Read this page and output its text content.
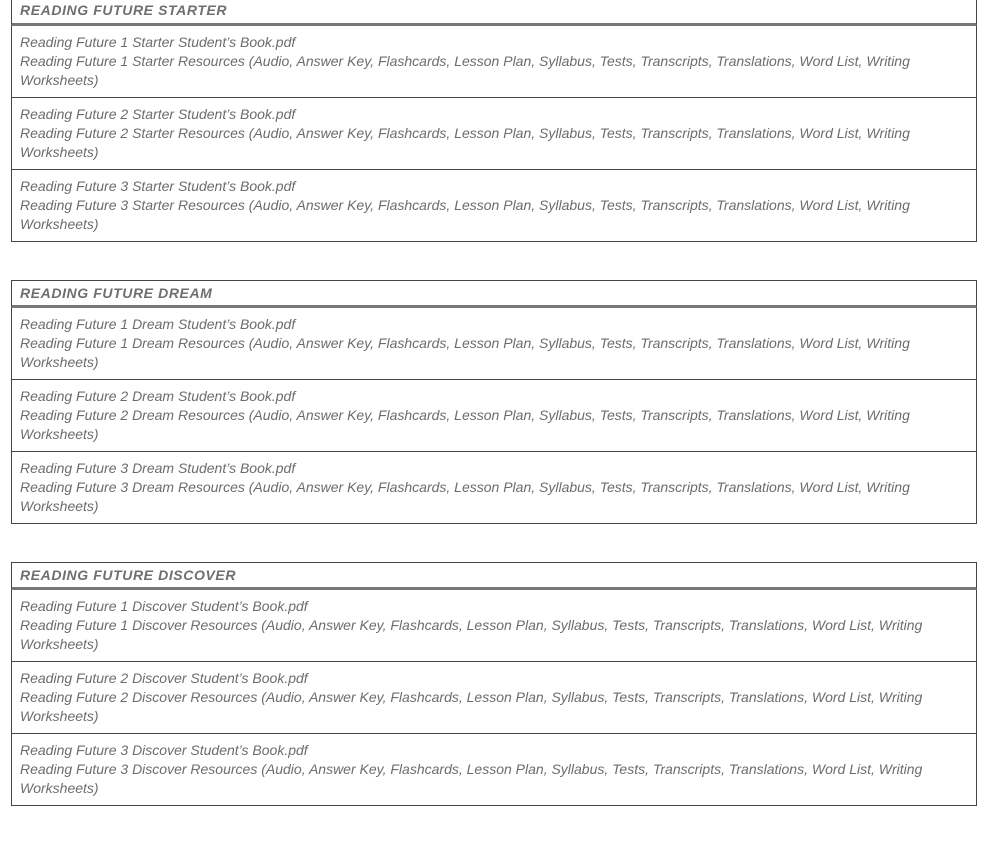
READING FUTURE STARTER
Reading Future 1 Starter Student’s Book.pdf
Reading Future 1 Starter Resources (Audio, Answer Key, Flashcards, Lesson Plan, Syllabus, Tests, Transcripts, Translations, Word List, Writing Worksheets)
Reading Future 2 Starter Student’s Book.pdf
Reading Future 2 Starter Resources (Audio, Answer Key, Flashcards, Lesson Plan, Syllabus, Tests, Transcripts, Translations, Word List, Writing Worksheets)
Reading Future 3 Starter Student’s Book.pdf
Reading Future 3 Starter Resources (Audio, Answer Key, Flashcards, Lesson Plan, Syllabus, Tests, Transcripts, Translations, Word List, Writing Worksheets)
READING FUTURE DREAM
Reading Future 1 Dream Student’s Book.pdf
Reading Future 1 Dream Resources (Audio, Answer Key, Flashcards, Lesson Plan, Syllabus, Tests, Transcripts, Translations, Word List, Writing Worksheets)
Reading Future 2 Dream Student’s Book.pdf
Reading Future 2 Dream Resources (Audio, Answer Key, Flashcards, Lesson Plan, Syllabus, Tests, Transcripts, Translations, Word List, Writing Worksheets)
Reading Future 3 Dream Student’s Book.pdf
Reading Future 3 Dream Resources (Audio, Answer Key, Flashcards, Lesson Plan, Syllabus, Tests, Transcripts, Translations, Word List, Writing Worksheets)
READING FUTURE DISCOVER
Reading Future 1 Discover Student’s Book.pdf
Reading Future 1 Discover Resources (Audio, Answer Key, Flashcards, Lesson Plan, Syllabus, Tests, Transcripts, Translations, Word List, Writing Worksheets)
Reading Future 2 Discover Student’s Book.pdf
Reading Future 2 Discover Resources (Audio, Answer Key, Flashcards, Lesson Plan, Syllabus, Tests, Transcripts, Translations, Word List, Writing Worksheets)
Reading Future 3 Discover Student’s Book.pdf
Reading Future 3 Discover Resources (Audio, Answer Key, Flashcards, Lesson Plan, Syllabus, Tests, Transcripts, Translations, Word List, Writing Worksheets)
